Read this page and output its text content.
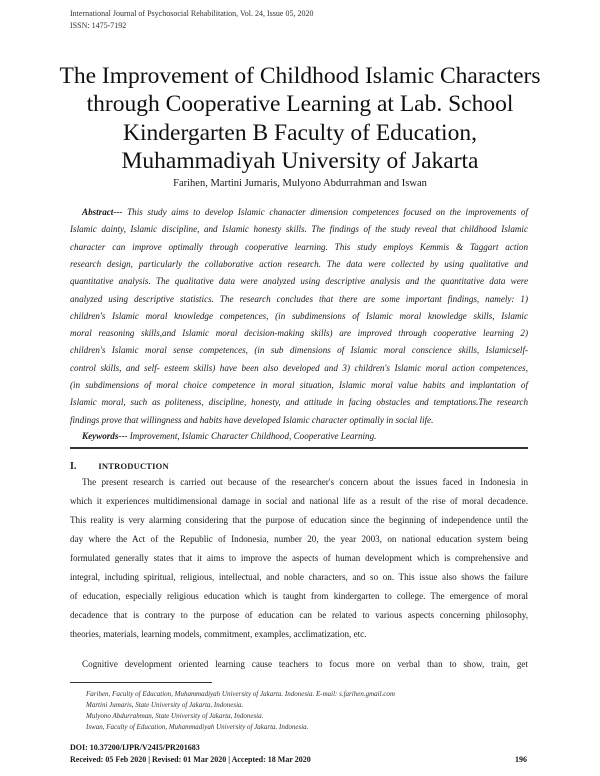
International Journal of Psychosocial Rehabilitation, Vol. 24, Issue 05, 2020
ISSN: 1475-7192
The Improvement of Childhood Islamic Characters
through Cooperative Learning at Lab. School
Kindergarten B Faculty of Education,
Muhammadiyah University of Jakarta
Farihen, Martini Jumaris, Mulyono Abdurrahman and Iswan
Abstract--- This study aims to develop Islamic chanacter dimension competences focused on the improvements of
Islamic dainty, Islamic discipline, and Islamic honesty skills. The findings of the study reveal that childhood Islamic
character can improve optimally through cooperative learning. This study employs Kemmis & Taggart action
research design, particularly the collaborative action research. The data were collected by using qualitative and
quantitative analysis. The qualitative data were analyzed using descriptive analysis and the quantitative data were
analyzed using descriptive statistics. The research concludes that there are some important findings, namely: 1)
children's Islamic moral knowledge competences, (in subdimensions of Islamic moral knowledge skills, Islamic
moral reasoning skills,and Islamic moral decision-making skills) are improved through cooperative learning 2)
children's Islamic moral sense competences, (in sub dimensions of Islamic moral conscience skills, Islamicself-
control skills, and self- esteem skills) have been also developed and 3) children's Islamic moral action competences,
(in subdimensions of moral choice competence in moral situation, Islamic moral value habits and implantation of
Islamic moral, such as politeness, discipline, honesty, and attitude in facing obstacles and temptations.The research
findings prove that willingness and habits have developed Islamic character optimally in social life.
Keywords--- Improvement, Islamic Character Childhood, Cooperative Learning.
I.	INTRODUCTION
The present research is carried out because of the researcher's concern about the issues faced in Indonesia in
which it experiences multidimensional damage in social and national life as a result of the rise of moral decadence.
This reality is very alarming considering that the purpose of education since the beginning of independence until the
day where the Act of the Republic of Indonesia, number 20, the year 2003, on national education system being
formulated generally states that it aims to improve the aspects of human development which is comprehensive and
integral, including spiritual, religious, intellectual, and noble characters, and so on. This issue also shows the failure
of education, especially religious education which is taught from kindergarten to college. The emergence of moral
decadence that is contrary to the purpose of education can be related to various aspects concerning philosophy,
theories, materials, learning models, commitment, examples, acclimatization, etc.
Cognitive development oriented learning cause teachers to focus more on verbal than to show, train, get
Farihen, Faculty of Education, Muhammadiyah University of Jakarta. Indonesia. E-mail: s.farihen.gmail.com
Martini Jumaris, State University of Jakarta, Indonesia.
Mulyono Abdurrahman, State University of Jakarta, Indonesia.
Iswan, Faculty of Education, Muhammadiyah University of Jakarta. Indonesia.
DOI: 10.37200/IJPR/V24I5/PR201683
Received: 05 Feb 2020 | Revised: 01 Mar 2020 | Accepted: 18 Mar 2020	196
